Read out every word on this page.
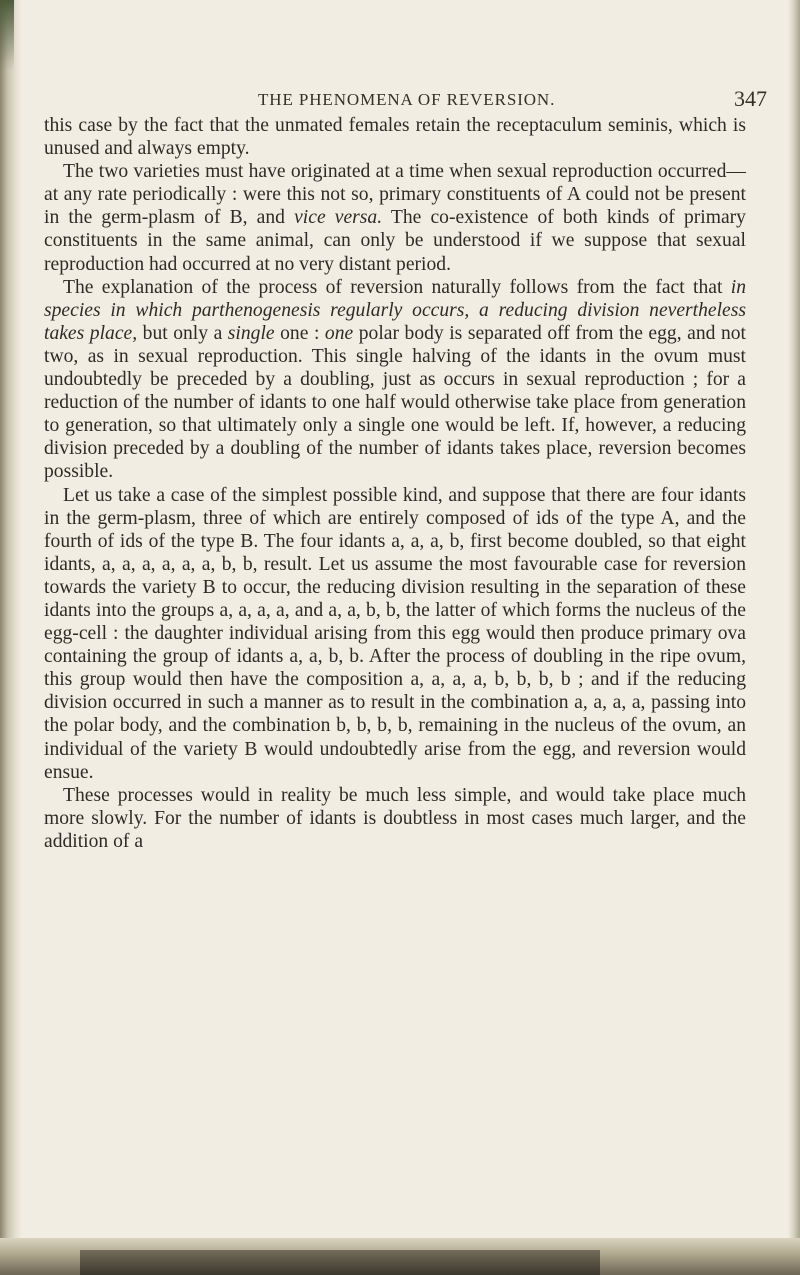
THE PHENOMENA OF REVERSION.	347

this case by the fact that the unmated females retain the receptaculum seminis, which is unused and always empty.

The two varieties must have originated at a time when sexual reproduction occurred—at any rate periodically : were this not so, primary constituents of A could not be present in the germ-plasm of B, and vice versa. The co-existence of both kinds of primary constituents in the same animal, can only be understood if we suppose that sexual reproduction had occurred at no very distant period.

The explanation of the process of reversion naturally follows from the fact that in species in which parthenogenesis regularly occurs, a reducing division nevertheless takes place, but only a single one : one polar body is separated off from the egg, and not two, as in sexual reproduction. This single halving of the idants in the ovum must undoubtedly be preceded by a doubling, just as occurs in sexual reproduction ; for a reduction of the number of idants to one half would otherwise take place from generation to generation, so that ultimately only a single one would be left. If, however, a reducing division preceded by a doubling of the number of idants takes place, reversion becomes possible.

Let us take a case of the simplest possible kind, and suppose that there are four idants in the germ-plasm, three of which are entirely composed of ids of the type A, and the fourth of ids of the type B. The four idants a, a, a, b, first become doubled, so that eight idants, a, a, a, a, a, a, b, b, result. Let us assume the most favourable case for reversion towards the variety B to occur, the reducing division resulting in the separation of these idants into the groups a, a, a, a, and a, a, b, b, the latter of which forms the nucleus of the egg-cell : the daughter individual arising from this egg would then produce primary ova containing the group of idants a, a, b, b. After the process of doubling in the ripe ovum, this group would then have the composition a, a, a, a, b, b, b, b ; and if the reducing division occurred in such a manner as to result in the combination a, a, a, a, passing into the polar body, and the combination b, b, b, b, remaining in the nucleus of the ovum, an individual of the variety B would undoubtedly arise from the egg, and reversion would ensue.

These processes would in reality be much less simple, and would take place much more slowly. For the number of idants is doubtless in most cases much larger, and the addition of a
